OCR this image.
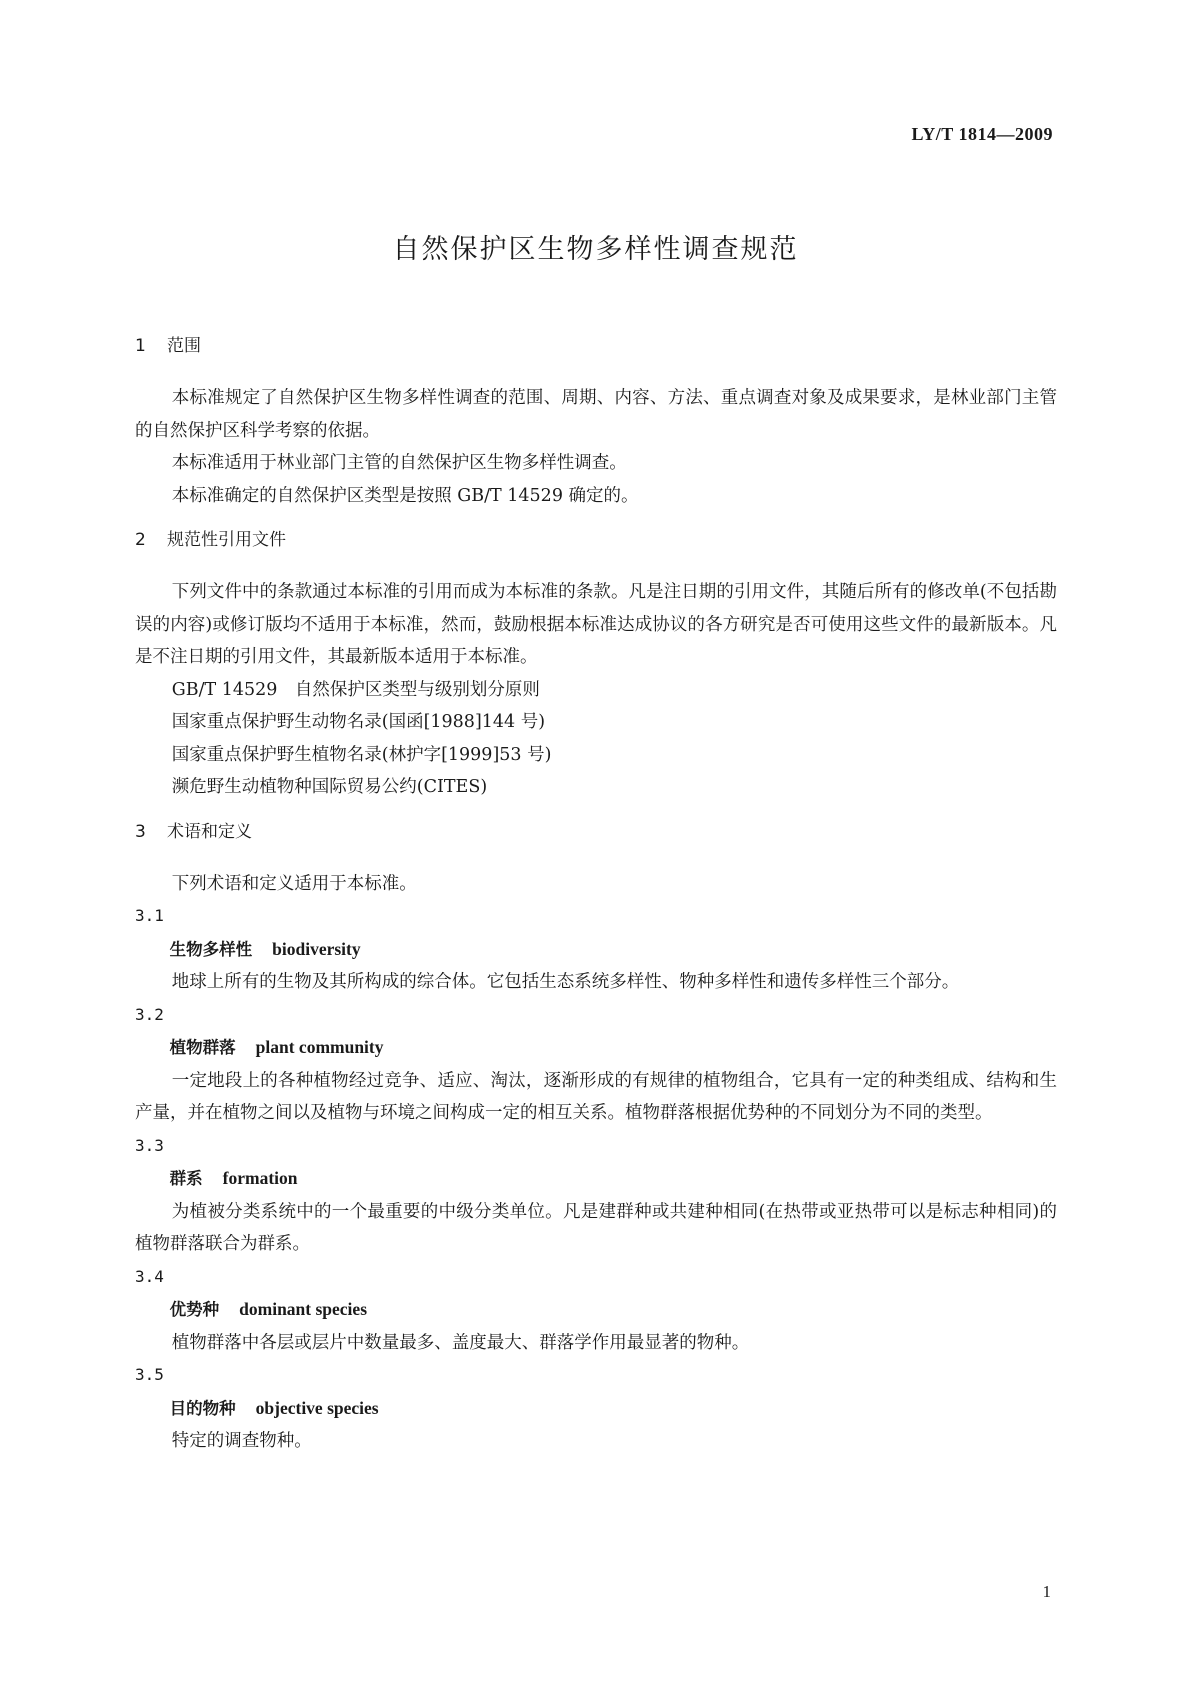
LY/T 1814—2009
自然保护区生物多样性调查规范

1 范围

本标准规定了自然保护区生物多样性调查的范围、周期、内容、方法、重点调查对象及成果要求，是林业部门主管的自然保护区科学考察的依据。

本标准适用于林业部门主管的自然保护区生物多样性调查。

本标准确定的自然保护区类型是按照 GB/T 14529 确定的。

2 规范性引用文件

下列文件中的条款通过本标准的引用而成为本标准的条款。凡是注日期的引用文件，其随后所有的修改单(不包括勘误的内容)或修订版均不适用于本标准，然而，鼓励根据本标准达成协议的各方研究是否可使用这些文件的最新版本。凡是不注日期的引用文件，其最新版本适用于本标准。

GB/T 14529　自然保护区类型与级别划分原则

国家重点保护野生动物名录(国函[1988]144 号)

国家重点保护野生植物名录(林护字[1999]53 号)

濒危野生动植物种国际贸易公约(CITES)

3 术语和定义

下列术语和定义适用于本标准。

3.1

生物多样性 biodiversity

地球上所有的生物及其所构成的综合体。它包括生态系统多样性、物种多样性和遗传多样性三个部分。

3.2

植物群落 plant community

一定地段上的各种植物经过竞争、适应、淘汰，逐渐形成的有规律的植物组合，它具有一定的种类组成、结构和生产量，并在植物之间以及植物与环境之间构成一定的相互关系。植物群落根据优势种的不同划分为不同的类型。

3.3

群系 formation

为植被分类系统中的一个最重要的中级分类单位。凡是建群种或共建种相同(在热带或亚热带可以是标志种相同)的植物群落联合为群系。

3.4

优势种 dominant species

植物群落中各层或层片中数量最多、盖度最大、群落学作用最显著的物种。

3.5

目的物种 objective species

特定的调查物种。

1
